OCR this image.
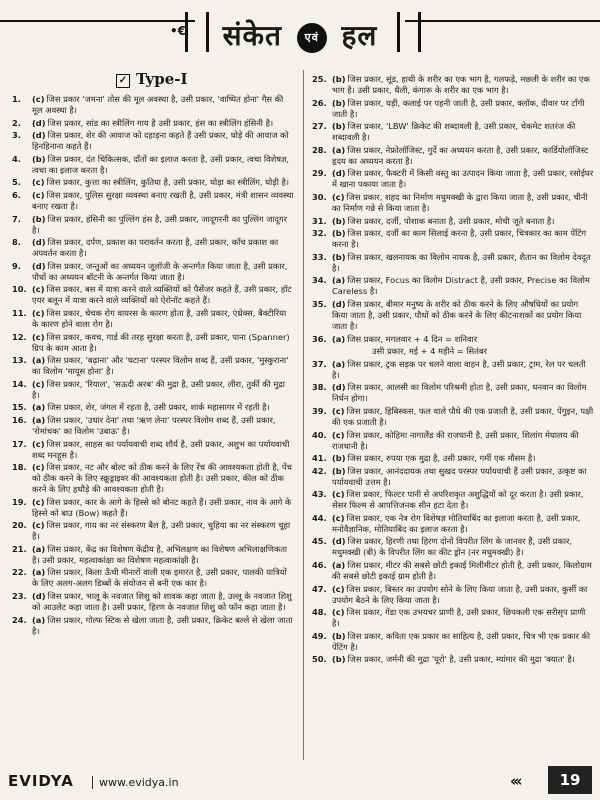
•€	संकेत एवं हल
✓ Type-I
1. (c) जिस प्रकार 'जमना' तोस की मूल अवस्था है, उसी प्रकार, 'वाष्पित होना' गैस की मूल अवस्था है।
2. (d) जिस प्रकार, सांड का स्त्रीलिंग गाय है उसी प्रकार, हंस का स्त्रीलिंग हंसिनी है।
3. (d) जिस प्रकार, शेर की आवाज को दहाड़ना कहते हैं उसी प्रकार, घोड़े की आवाज को हिनहिनाना कहते हैं।
4. (b) जिस प्रकार, दंत चिकित्सक, दाँतों का इलाज करता है, उसी प्रकार, त्वचा विशेषज्ञ, त्वचा का इलाज करता है।
5. (c) जिस प्रकार, कुत्ता का स्त्रीलिंग, कुतिया है, उसी प्रकार, घोड़ा का स्त्रीलिंग, घोड़ी है।
6. (c) जिस प्रकार, पुलिस सुरक्षा व्यवस्था बनाए रखती है, उसी प्रकार, मंत्री शासन व्यवस्था बनाए रखता है।
7. (b) जिस प्रकार, हंसिनी का पुल्लिंग हंस है, उसी प्रकार, जादूगरनी का पुल्लिंग जादूगर है।
8. (d) जिस प्रकार, दर्पण, प्रकाश का परावर्तन करता है, उसी प्रकार, काँच प्रकाश का अपवर्तन करता है।
9. (d) जिस प्रकार, जन्तुओं का अध्ययन जूलॉजी के अन्तर्गत किया जाता है, उसी प्रकार, पौधों का अध्ययन बॉटनी के अन्तर्गत किया जाता है।
10. (c) जिस प्रकार, बस में यात्रा करने वाले व्यक्तियों को पैसेंजर कहते हैं, उसी प्रकार, हॉट एयर बलून में यात्रा करने वाले व्यक्तियों को ऐरोनॉट कहते हैं।
11. (c) जिस प्रकार, चेचक रोग वायरस के कारण होता है, उसी प्रकार, एंथ्रेक्स, बैक्टीरिया के कारण होने वाला रोग है।
12. (c) जिस प्रकार, कवच, गार्ड की तरह सुरक्षा करता है, उसी प्रकार, पाना (Spanner) ग्रिप के काम आता है।
13. (a) जिस प्रकार, 'बढ़ाना' और 'घटाना' परस्पर विलोम शब्द हैं, उसी प्रकार, 'मुस्कुराना' का विलोम 'मायूस होना' है।
14. (c) जिस प्रकार, 'रियाल', 'सऊदी अरब' की मुद्रा है, उसी प्रकार, लीरा, तुर्की की मुद्रा है।
15. (a) जिस प्रकार, शेर, जंगल में रहता है, उसी प्रकार, शार्क महासागर में रहती है।
16. (a) जिस प्रकार, 'उधार देना' तथा 'ऋण लेना' परस्पर विलोम शब्द हैं, उसी प्रकार, 'रोमांचक' का विलोम 'उबाऊ' है।
17. (c) जिस प्रकार, साहस का पर्यायवाची शब्द शौर्य है, उसी प्रकार, अशुभ का पर्यायवाची शब्द मनहूस है।
18. (c) जिस प्रकार, नट और बोल्ट को ठीक करने के लिए रेंच की आवश्यकता होती है, पेंच को ठीक करने के लिए स्क्रूड्राइवर की आवश्यकता होती है। उसी प्रकार, कील को ठीक करने के लिए हथौड़े की आवश्यकता होती है।
19. (c) जिस प्रकार, कार के आगे के हिस्से को बोनट कहते हैं। उसी प्रकार, नाव के आगे के हिस्से को बाउ (Bow) कहते हैं।
20. (c) जिस प्रकार, गाय का नर संस्करण बैल है, उसी प्रकार, चुहिया का नर संस्करण चूहा है।
21. (a) जिस प्रकार, केंद्र का विशेषण केंद्रीय है, अभिलक्षण का विशेषण अभिलाक्षणिकता है। उसी प्रकार, महत्वाकांक्षा का विशेषण महत्वाकांक्षी है।
22. (a) जिस प्रकार, किला ऊँची मीनारों वाली एक इमारत है, उसी प्रकार, पालकी यात्रियों के लिए अलग-अलग डिब्बों के संयोजन से बनी एक कार है।
23. (d) जिस प्रकार, भालू के नवजात शिशु को शावक कहा जाता है, उल्लू के नवजात शिशु को आउलेट कहा जाता है। उसी प्रकार, हिरण के नवजात शिशु को फॉन कहा जाता है।
24. (a) जिस प्रकार, गोल्फ स्टिक से खेला जाता है, उसी प्रकार, क्रिकेट बल्ले से खेला जाता है।
25. (b) जिस प्रकार, सूंड, हाथी के शरीर का एक भाग है, गलफड़े, मछली के शरीर का एक भाग है। उसी प्रकार, थैली, कंगारू के शरीर का एक भाग है।
26. (b) जिस प्रकार, घड़ी, कलाई पर पहनी जाती है, उसी प्रकार, क्लॉक, दीवार पर टाँगी जाती है।
27. (b) जिस प्रकार, 'LBW' क्रिकेट की शब्दावली है, उसी प्रकार, चेकमेट शतरंज की शब्दावली है।
28. (a) जिस प्रकार, नेफ्रोलॉजिस्ट, गुर्दे का अध्ययन करता है, उसी प्रकार, कार्डियोलॉजिस्ट हृदय का अध्ययन करता है।
29. (d) जिस प्रकार, फैक्टरी में किसी वस्तु का उत्पादन किया जाता है, उसी प्रकार, रसोईघर में खाना पकाया जाता है।
30. (c) जिस प्रकार, शहद का निर्माण मधुमक्खी के द्वारा किया जाता है, उसी प्रकार, चीनी का निर्माण गन्ने से किया जाता है।
31. (b) जिस प्रकार, दर्जी, पोशाक बनाता है, उसी प्रकार, मोची जूते बनाता है।
32. (b) जिस प्रकार, दर्जी का काम सिलाई करना है, उसी प्रकार, चित्रकार का काम पेंटिंग करना है।
33. (b) जिस प्रकार, खलनायक का विलोम नायक है, उसी प्रकार, शैतान का विलोम देवदूत है।
34. (a) जिस प्रकार, Focus का विलोम Distract है, उसी प्रकार, Precise का विलोम Careless है।
35. (d) जिस प्रकार, बीमार मनुष्य के शरीर को ठीक करने के लिए औषधियों का प्रयोग किया जाता है, उसी प्रकार, पौधों को ठीक करने के लिए कीटनाशकों का प्रयोग किया जाता है।
36. (a) जिस प्रकार, मगलवार + 4 दिन = शनिवार
उसी प्रकार, मई + 4 महीने = सितंबर
37. (a) जिस प्रकार, ट्रक सड़क पर चलने वाला वाहन है, उसी प्रकार, ट्राम, रेल पर चलती है।
38. (d) जिस प्रकार, आलसी का विलोम परिश्रमी होता है, उसी प्रकार, धनवान का विलोम निर्धन होगा।
39. (c) जिस प्रकार, हिबिस्कस, फल वाले पौधे की एक प्रजाती है, उसी प्रकार, पेंगुइन, पक्षी की एक प्रजाती है।
40. (c) जिस प्रकार, कोहिमा नागालैंड की राजधानी है, उसी प्रकार, शिलांग मेघालय की राजधानी है।
41. (b) जिस प्रकार, रुपया एक मुद्रा है, उसी प्रकार, गर्मी एक मौसम है।
42. (b) जिस प्रकार, आनंददायक तथा सुखद परस्पर पर्यायवाची हैं उसी प्रकार, उत्कृष्ट का पर्यायवाची उत्तम है।
43. (c) जिस प्रकार, फिल्टर पानी से अपरिशकृत अशुद्धियों को दूर करता है। उसी प्रकार, सेंसर फिल्म से आपत्तिजनक सीन हटा देता है।
44. (c) जिस प्रकार, एक नेत्र रोग विशेषज्ञ मोतियाबिंद का इलाजा करता है, उसी प्रकार, मनोवैज्ञानिक, मोतियाबिंद का इलाज करता है।
45. (d) जिस प्रकार, हिरणी तथा हिरण दोनों विपरीत लिंग के जानवर हैं, उसी प्रकार, मधुमक्खी (बी) के विपरीत लिंग का कीट ड्रोन (नर मधुमक्खी) है।
46. (a) जिस प्रकार, मीटर की सबसे छोटी इकाई मिलीमीटर होती है, उसी प्रकार, किलोग्राम की सबसे छोटी इकाई ग्राम होती है।
47. (c) जिस प्रकार, बिस्तर का उपयोग सोने के लिए किया जाता है, उसी प्रकार, कुर्सी का उपयोग बैठने के लिए किया जाता है।
48. (c) जिस प्रकार, गेंडा एक उभयचर प्राणी है, उसी प्रकार, छिपकली एक सरीसृप प्राणी है।
49. (b) जिस प्रकार, कविता एक प्रकार का साहित्य है, उसी प्रकार, चित्र भी एक प्रकार की पेंटिंग है।
50. (b) जिस प्रकार, जर्मनी की मुद्रा 'यूरो' है, उसी प्रकार, म्यांमार की मुद्रा 'क्यात' है।
EVIDYA	www.evidya.in	‹‹‹	19
